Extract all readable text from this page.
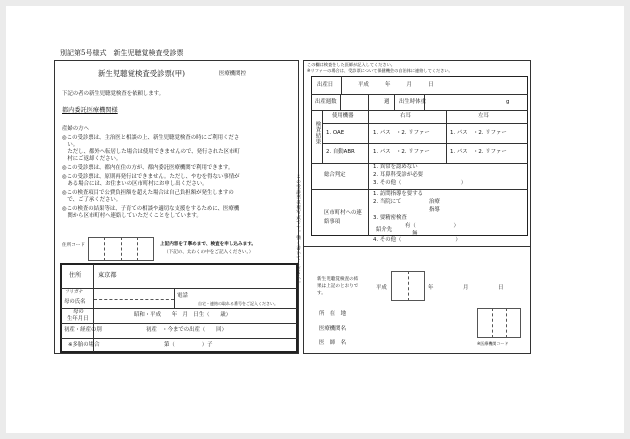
別記第5号様式　新生児聴覚検査受診票
新生児聴覚検査受診票(甲)	医療機関控
下記の者の新生児聴覚検査を依頼します。
都内委託医療機関様
産婦の方へ
◎この受診票は、主治医と相談の上、新生児聴覚検査の時にご利用くださ
　い。
　ただし、都外へ転居した場合は使用できませんので、発行された区市町
　村にご返却ください。
◎この受診票は、都内在住の方が、都内委託医療機関で利用できます。
◎この受診票は、原則再発行はできません。ただし、やむを得ない事情が
　ある場合には、お住まいの区市町村にお申し出ください。
◎この検査項目で公費負担額を超えた場合は自己負担額が発生しますの
　で、ご了承ください。
◎この検査の結果等は、子育ての相談や適切な支援をするために、医療機
　関から区市町村へ連絡していただくことをしています。
住所コード	上記内容をＴ寧めまで、検査を申し込みます。
（下記の、太わくの中をご記入ください。）
住所	東京都
フリガナ
母の氏名
電話
自宅・連絡の取れる番号をご記入ください。
母の
生年月日
昭和・平成　　年　月　日生（　　歳）
初産・経産の別	初産　・今までの出産（　　回）
※多胎の場合	第（　　　　　）子
この受診票は複写式です。強く書いてください。
この欄は検査をした医師が記入してください。
※リファーの場合は、受診票について保健機会の自治体に連絡してください。
出産日	平成　　　年　　　月　　　日
出産週数	週 出生時体重	g
検査結果
使用機器	右耳	左耳
1. OAE	1. パス　・2. リファー	1. パス　・2. リファー
2. 自動ABR	1. パス　・2. リファー	1. パス　・2. リファー
総合判定
1. 異常を認めない
2. 耳鼻科受診が必要
3. その他（　　　　　　　　　　　）
区市町村への連絡事項
1. 訪問指導を要する
2. 当院にて	治療
指導
3. 要精密検査
紹介先
有（　　　　　　　）
無
4. その他（　　　　　　　　　　）
新生児聴覚検査の結
果は上記のとおりで
す。
平成	年	月	日
所　在　地
医療機関名
医　師　名	※医療機関コード
